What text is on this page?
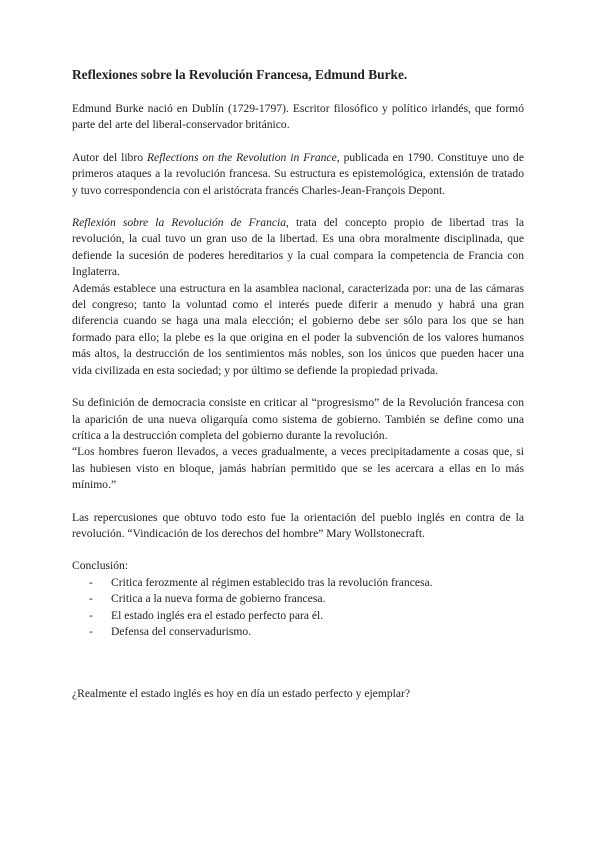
Reflexiones sobre la Revolución Francesa, Edmund Burke.

Edmund Burke nació en Dublín (1729-1797). Escritor filosófico y político irlandés, que formó parte del arte del liberal-conservador británico.

Autor del libro Reflections on the Revolution in France, publicada en 1790. Constituye uno de primeros ataques a la revolución francesa. Su estructura es epistemológica, extensión de tratado y tuvo correspondencia con el aristócrata francés Charles-Jean-François Depont.

Reflexión sobre la Revolución de Francia, trata del concepto propio de libertad tras la revolución, la cual tuvo un gran uso de la libertad. Es una obra moralmente disciplinada, que defiende la sucesión de poderes hereditarios y la cual compara la competencia de Francia con Inglaterra.

Además establece una estructura en la asamblea nacional, caracterizada por: una de las cámaras del congreso; tanto la voluntad como el interés puede diferir a menudo y habrá una gran diferencia cuando se haga una mala elección; el gobierno debe ser sólo para los que se han formado para ello; la plebe es la que origina en el poder la subvención de los valores humanos más altos, la destrucción de los sentimientos más nobles, son los únicos que pueden hacer una vida civilizada en esta sociedad; y por último se defiende la propiedad privada.

Su definición de democracia consiste en criticar al “progresismo” de la Revolución francesa con la aparición de una nueva oligarquía como sistema de gobierno. También se define como una crítica a la destrucción completa del gobierno durante la revolución.

“Los hombres fueron llevados, a veces gradualmente, a veces precipitadamente a cosas que, si las hubiesen visto en bloque, jamás habrían permitido que se les acercara a ellas en lo más mínimo.”

Las repercusiones que obtuvo todo esto fue la orientación del pueblo inglés en contra de la revolución. “Vindicación de los derechos del hombre” Mary Wollstonecraft.

Conclusión:

- Critica ferozmente al régimen establecido tras la revolución francesa.
- Critica a la nueva forma de gobierno francesa.
- El estado inglés era el estado perfecto para él.
- Defensa del conservadurismo.

¿Realmente el estado inglés es hoy en día un estado perfecto y ejemplar?
